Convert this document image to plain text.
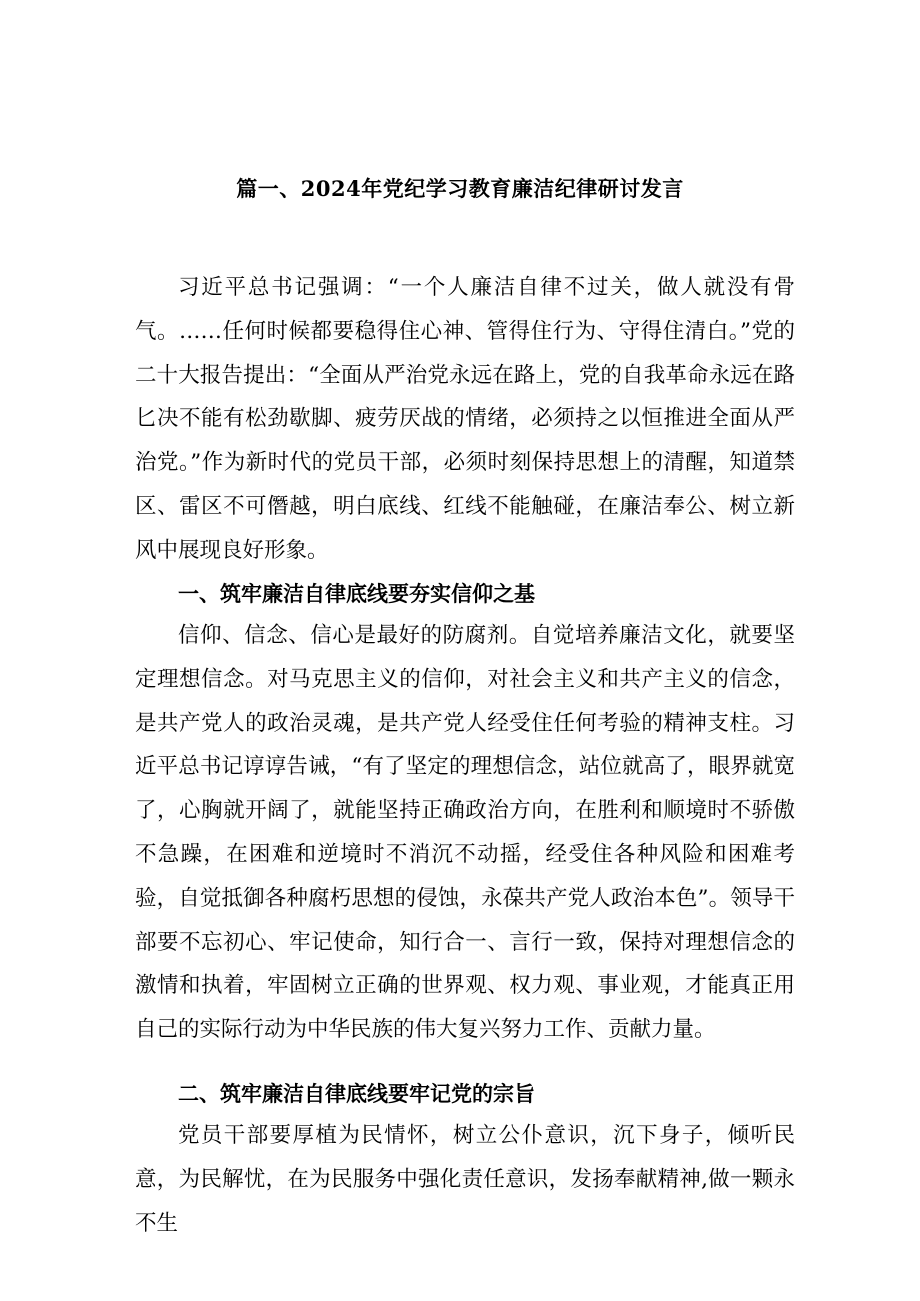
篇一、2024年党纪学习教育廉洁纪律研讨发言

习近平总书记强调：“一个人廉洁自律不过关，做人就没有骨气。……任何时候都要稳得住心神、管得住行为、守得住清白。”党的二十大报告提出：“全面从严治党永远在路上，党的自我革命永远在路匕决不能有松劲歇脚、疲劳厌战的情绪，必须持之以恒推进全面从严治党。”作为新时代的党员干部，必须时刻保持思想上的清醒，知道禁区、雷区不可僭越，明白底线、红线不能触碰，在廉洁奉公、树立新风中展现良好形象。

一、筑牢廉洁自律底线要夯实信仰之基

信仰、信念、信心是最好的防腐剂。自觉培养廉洁文化，就要坚定理想信念。对马克思主义的信仰，对社会主义和共产主义的信念，是共产党人的政治灵魂，是共产党人经受住任何考验的精神支柱。习近平总书记谆谆告诫，“有了坚定的理想信念，站位就高了，眼界就宽了，心胸就开阔了，就能坚持正确政治方向，在胜利和顺境时不骄傲不急躁，在困难和逆境时不消沉不动摇，经受住各种风险和困难考验，自觉抵御各种腐朽思想的侵蚀，永葆共产党人政治本色”。领导干部要不忘初心、牢记使命，知行合一、言行一致，保持对理想信念的激情和执着，牢固树立正确的世界观、权力观、事业观，才能真正用自己的实际行动为中华民族的伟大复兴努力工作、贡献力量。

二、筑牢廉洁自律底线要牢记党的宗旨

党员干部要厚植为民情怀，树立公仆意识，沉下身子，倾听民意，为民解忧，在为民服务中强化责任意识，发扬奉献精神,做一颗永不生
